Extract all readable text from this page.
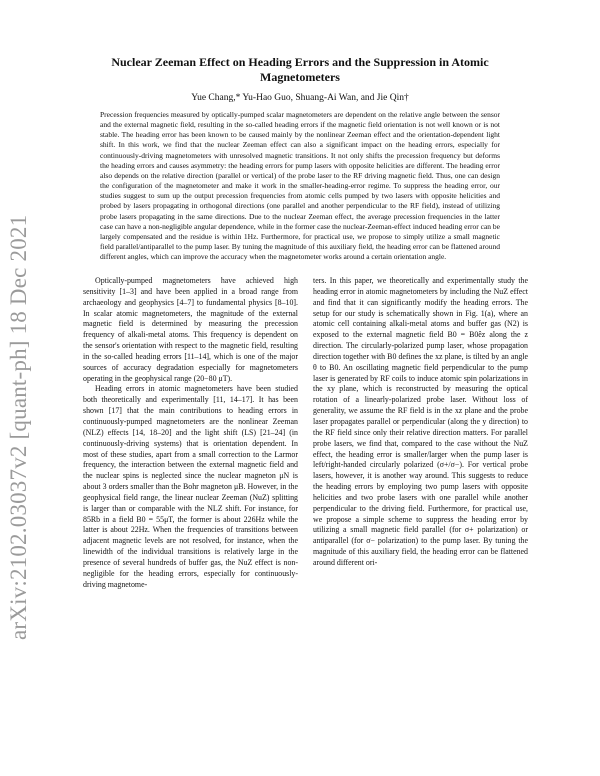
arXiv:2102.03037v2 [quant-ph] 18 Dec 2021
Nuclear Zeeman Effect on Heading Errors and the Suppression in Atomic Magnetometers
Yue Chang,* Yu-Hao Guo, Shuang-Ai Wan, and Jie Qin†
Precession frequencies measured by optically-pumped scalar magnetometers are dependent on the relative angle between the sensor and the external magnetic field, resulting in the so-called heading errors if the magnetic field orientation is not well known or is not stable. The heading error has been known to be caused mainly by the nonlinear Zeeman effect and the orientation-dependent light shift. In this work, we find that the nuclear Zeeman effect can also a significant impact on the heading errors, especially for continuously-driving magnetometers with unresolved magnetic transitions. It not only shifts the precession frequency but deforms the heading errors and causes asymmetry: the heading errors for pump lasers with opposite helicities are different. The heading error also depends on the relative direction (parallel or vertical) of the probe laser to the RF driving magnetic field. Thus, one can design the configuration of the magnetometer and make it work in the smaller-heading-error regime. To suppress the heading error, our studies suggest to sum up the output precession frequencies from atomic cells pumped by two lasers with opposite helicities and probed by lasers propagating in orthogonal directions (one parallel and another perpendicular to the RF field), instead of utilizing probe lasers propagating in the same directions. Due to the nuclear Zeeman effect, the average precession frequencies in the latter case can have a non-negligible angular dependence, while in the former case the nuclear-Zeeman-effect induced heading error can be largely compensated and the residue is within 1Hz. Furthermore, for practical use, we propose to simply utilize a small magnetic field parallel/antiparallel to the pump laser. By tuning the magnitude of this auxiliary field, the heading error can be flattened around different angles, which can improve the accuracy when the magnetometer works around a certain orientation angle.

Optically-pumped magnetometers have achieved high sensitivity [1–3] and have been applied in a broad range from archaeology and geophysics [4–7] to fundamental physics [8–10]. In scalar atomic magnetometers, the magnitude of the external magnetic field is determined by measuring the precession frequency of alkali-metal atoms. This frequency is dependent on the sensor's orientation with respect to the magnetic field, resulting in the so-called heading errors [11–14], which is one of the major sources of accuracy degradation especially for magnetometers operating in the geophysical range (20−80 μT).

Heading errors in atomic magnetometers have been studied both theoretically and experimentally [11, 14–17]. It has been shown [17] that the main contributions to heading errors in continuously-pumped magnetometers are the nonlinear Zeeman (NLZ) effects [14, 18–20] and the light shift (LS) [21–24] (in continuously-driving systems) that is orientation dependent. In most of these studies, apart from a small correction to the Larmor frequency, the interaction between the external magnetic field and the nuclear spins is neglected since the nuclear magneton μN is about 3 orders smaller than the Bohr magneton μB. However, in the geophysical field range, the linear nuclear Zeeman (NuZ) splitting is larger than or comparable with the NLZ shift. For instance, for 85Rb in a field B0 = 55μT, the former is about 226Hz while the latter is about 22Hz. When the frequencies of transitions between adjacent magnetic levels are not resolved, for instance, when the linewidth of the individual transitions is relatively large in the presence of several hundreds of buffer gas, the NuZ effect is non-negligible for the heading errors, especially for continuously-driving magnetome-

ters. In this paper, we theoretically and experimentally study the heading error in atomic magnetometers by including the NuZ effect and find that it can significantly modify the heading errors. The setup for our study is schematically shown in Fig. 1(a), where an atomic cell containing alkali-metal atoms and buffer gas (N2) is exposed to the external magnetic field B0 = B0êz along the z direction. The circularly-polarized pump laser, whose propagation direction together with B0 defines the xz plane, is tilted by an angle θ to B0. An oscillating magnetic field perpendicular to the pump laser is generated by RF coils to induce atomic spin polarizations in the xy plane, which is reconstructed by measuring the optical rotation of a linearly-polarized probe laser. Without loss of generality, we assume the RF field is in the xz plane and the probe laser propagates parallel or perpendicular (along the y direction) to the RF field since only their relative direction matters. For parallel probe lasers, we find that, compared to the case without the NuZ effect, the heading error is smaller/larger when the pump laser is left/right-handed circularly polarized (σ+/σ−). For vertical probe lasers, however, it is another way around. This suggests to reduce the heading errors by employing two pump lasers with opposite helicities and two probe lasers with one parallel while another perpendicular to the driving field. Furthermore, for practical use, we propose a simple scheme to suppress the heading error by utilizing a small magnetic field parallel (for σ+ polarization) or antiparallel (for σ− polarization) to the pump laser. By tuning the magnitude of this auxiliary field, the heading error can be flattened around different ori-
